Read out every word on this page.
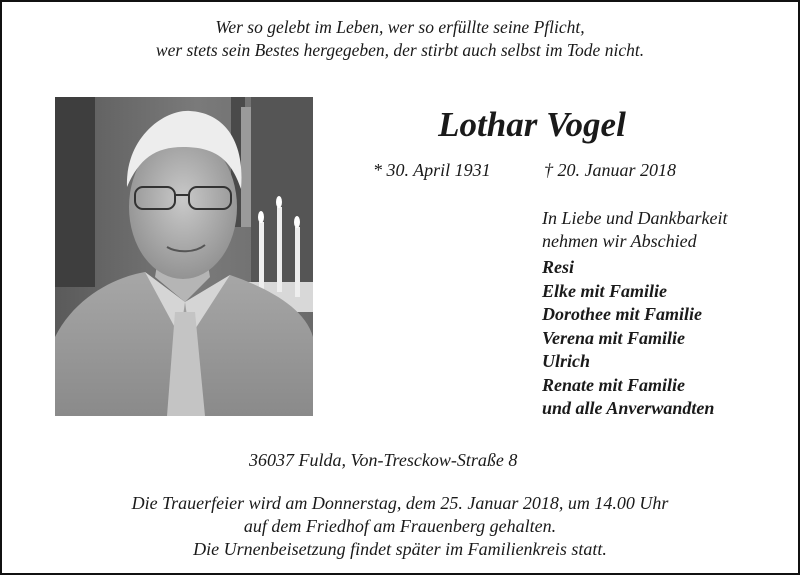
Wer so gelebt im Leben, wer so erfüllte seine Pflicht,
wer stets sein Bestes hergegeben, der stirbt auch selbst im Tode nicht.
Lothar Vogel
* 30. April 1931	† 20. Januar 2018
In Liebe und Dankbarkeit
nehmen wir Abschied
Resi
Elke mit Familie
Dorothee mit Familie
Verena mit Familie
Ulrich
Renate mit Familie
und alle Anverwandten
36037 Fulda, Von-Tresckow-Straße 8
Die Trauerfeier wird am Donnerstag, dem 25. Januar 2018, um 14.00 Uhr
auf dem Friedhof am Frauenberg gehalten.
Die Urnenbeisetzung findet später im Familienkreis statt.
